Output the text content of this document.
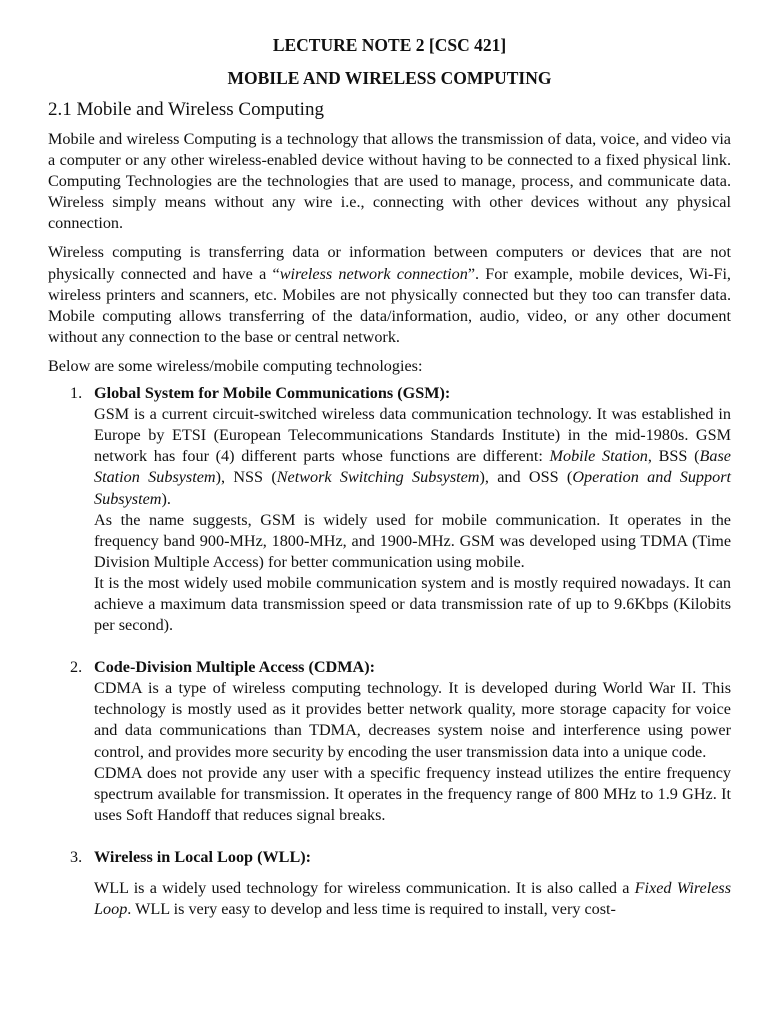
LECTURE NOTE 2 [CSC 421]
MOBILE AND WIRELESS COMPUTING
2.1 Mobile and Wireless Computing

Mobile and wireless Computing is a technology that allows the transmission of data, voice, and video via a computer or any other wireless-enabled device without having to be connected to a fixed physical link. Computing Technologies are the technologies that are used to manage, process, and communicate data. Wireless simply means without any wire i.e., connecting with other devices without any physical connection.

Wireless computing is transferring data or information between computers or devices that are not physically connected and have a “wireless network connection”. For example, mobile devices, Wi-Fi, wireless printers and scanners, etc. Mobiles are not physically connected but they too can transfer data. Mobile computing allows transferring of the data/information, audio, video, or any other document without any connection to the base or central network.

Below are some wireless/mobile computing technologies:

1. Global System for Mobile Communications (GSM):
GSM is a current circuit-switched wireless data communication technology. It was established in Europe by ETSI (European Telecommunications Standards Institute) in the mid-1980s. GSM network has four (4) different parts whose functions are different: Mobile Station, BSS (Base Station Subsystem), NSS (Network Switching Subsystem), and OSS (Operation and Support Subsystem).
As the name suggests, GSM is widely used for mobile communication. It operates in the frequency band 900-MHz, 1800-MHz, and 1900-MHz. GSM was developed using TDMA (Time Division Multiple Access) for better communication using mobile.
It is the most widely used mobile communication system and is mostly required nowadays. It can achieve a maximum data transmission speed or data transmission rate of up to 9.6Kbps (Kilobits per second).
2. Code-Division Multiple Access (CDMA):
CDMA is a type of wireless computing technology. It is developed during World War II. This technology is mostly used as it provides better network quality, more storage capacity for voice and data communications than TDMA, decreases system noise and interference using power control, and provides more security by encoding the user transmission data into a unique code.
CDMA does not provide any user with a specific frequency instead utilizes the entire frequency spectrum available for transmission. It operates in the frequency range of 800 MHz to 1.9 GHz. It uses Soft Handoff that reduces signal breaks.
3. Wireless in Local Loop (WLL):
WLL is a widely used technology for wireless communication. It is also called a Fixed Wireless Loop. WLL is very easy to develop and less time is required to install, very cost-
